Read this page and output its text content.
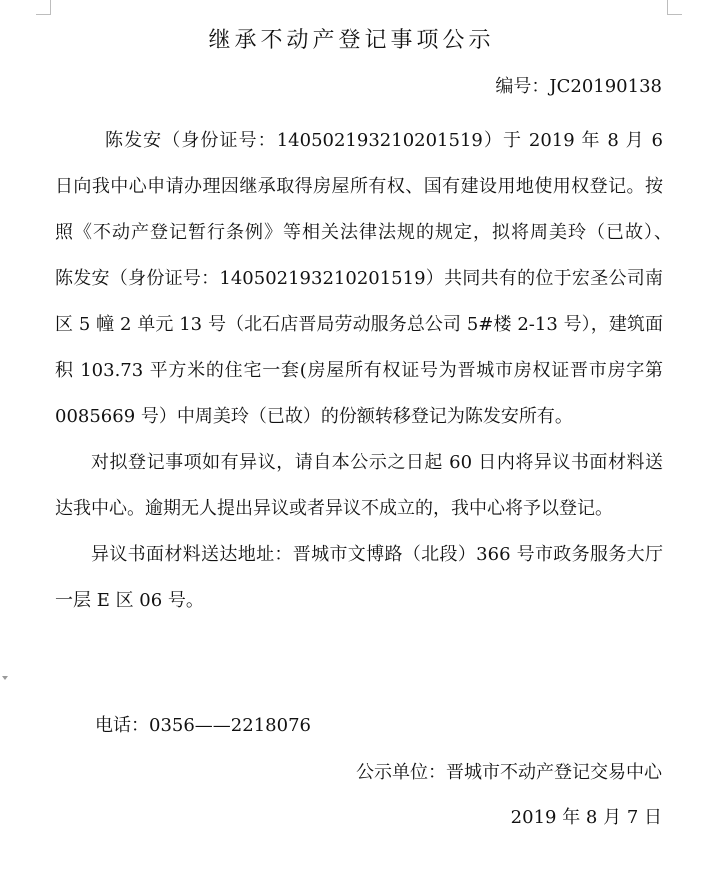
继承不动产登记事项公示
编号：JC20190138

陈发安（身份证号：140502193210201519）于 2019 年 8 月 6 日向我中心申请办理因继承取得房屋所有权、国有建设用地使用权登记。按照《不动产登记暂行条例》等相关法律法规的规定，拟将周美玲（已故）、　陈发安（身份证号：140502193210201519）共同共有的位于宏圣公司南区 5 幢 2 单元 13 号（北石店晋局劳动服务总公司 5#楼 2-13 号），建筑面积 103.73 平方米的住宅一套(房屋所有权证号为晋城市房权证晋市房字第 0085669 号）中周美玲（已故）的份额转移登记为陈发安所有。

对拟登记事项如有异议，请自本公示之日起 60 日内将异议书面材料送达我中心。逾期无人提出异议或者异议不成立的，我中心将予以登记。

异议书面材料送达地址：晋城市文博路（北段）366 号市政务服务大厅一层 E 区 06 号。

电话：0356——2218076
公示单位：晋城市不动产登记交易中心
2019 年 8 月 7 日
